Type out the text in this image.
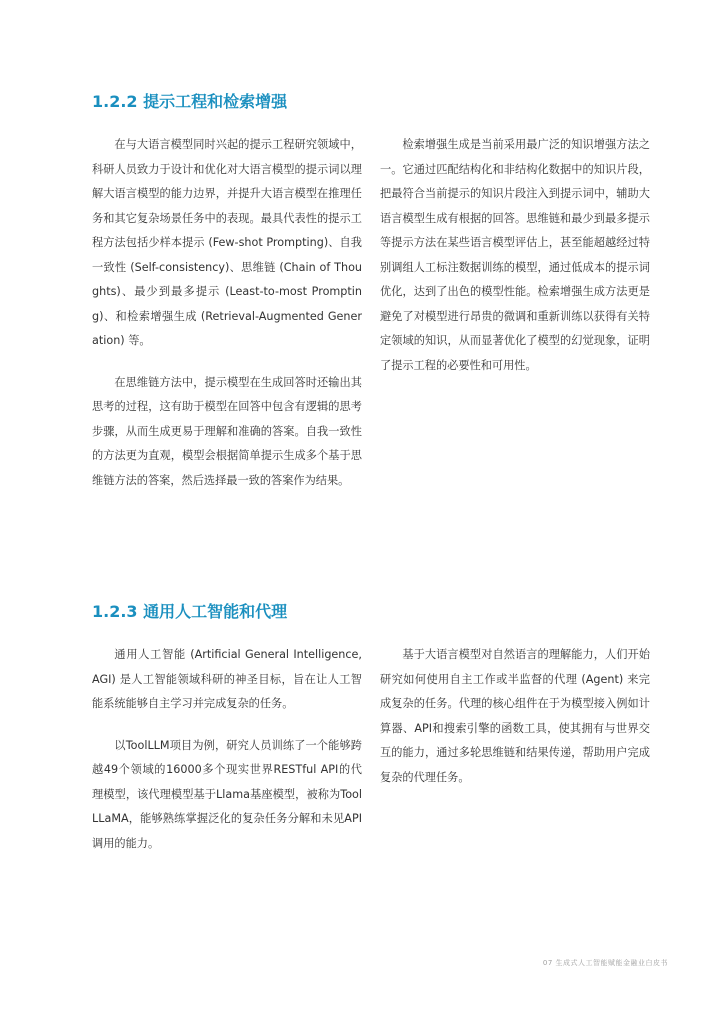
1.2.2 提示工程和检索增强

在与大语言模型同时兴起的提示工程研究领域中，科研人员致力于设计和优化对大语言模型的提示词以理解大语言模型的能力边界，并提升大语言模型在推理任务和其它复杂场景任务中的表现。最具代表性的提示工程方法包括少样本提示 (Few-shot Prompting)、自我一致性 (Self-consistency)、思维链 (Chain of Thoughts)、最少到最多提示 (Least-to-most Prompting)、和检索增强生成 (Retrieval-Augmented Generation) 等。

在思维链方法中，提示模型在生成回答时还输出其思考的过程，这有助于模型在回答中包含有逻辑的思考步骤，从而生成更易于理解和准确的答案。自我一致性的方法更为直观，模型会根据简单提示生成多个基于思维链方法的答案，然后选择最一致的答案作为结果。

检索增强生成是当前采用最广泛的知识增强方法之一。它通过匹配结构化和非结构化数据中的知识片段，把最符合当前提示的知识片段注入到提示词中，辅助大语言模型生成有根据的回答。思维链和最少到最多提示等提示方法在某些语言模型评估上，甚至能超越经过特别调组人工标注数据训练的模型，通过低成本的提示词优化，达到了出色的模型性能。检索增强生成方法更是避免了对模型进行昂贵的微调和重新训练以获得有关特定领域的知识，从而显著优化了模型的幻觉现象，证明了提示工程的必要性和可用性。

1.2.3 通用人工智能和代理

通用人工智能 (Artificial General Intelligence, AGI) 是人工智能领域科研的神圣目标，旨在让人工智能系统能够自主学习并完成复杂的任务。

以ToolLLM项目为例，研究人员训练了一个能够跨越49个领域的16000多个现实世界RESTful API的代理模型，该代理模型基于Llama基座模型，被称为ToolLLaMA，能够熟练掌握泛化的复杂任务分解和未见API调用的能力。

基于大语言模型对自然语言的理解能力，人们开始研究如何使用自主工作或半监督的代理 (Agent) 来完成复杂的任务。代理的核心组件在于为模型接入例如计算器、API和搜索引擎的函数工具，使其拥有与世界交互的能力，通过多轮思维链和结果传递，帮助用户完成复杂的代理任务。

07 生成式人工智能赋能金融业白皮书
